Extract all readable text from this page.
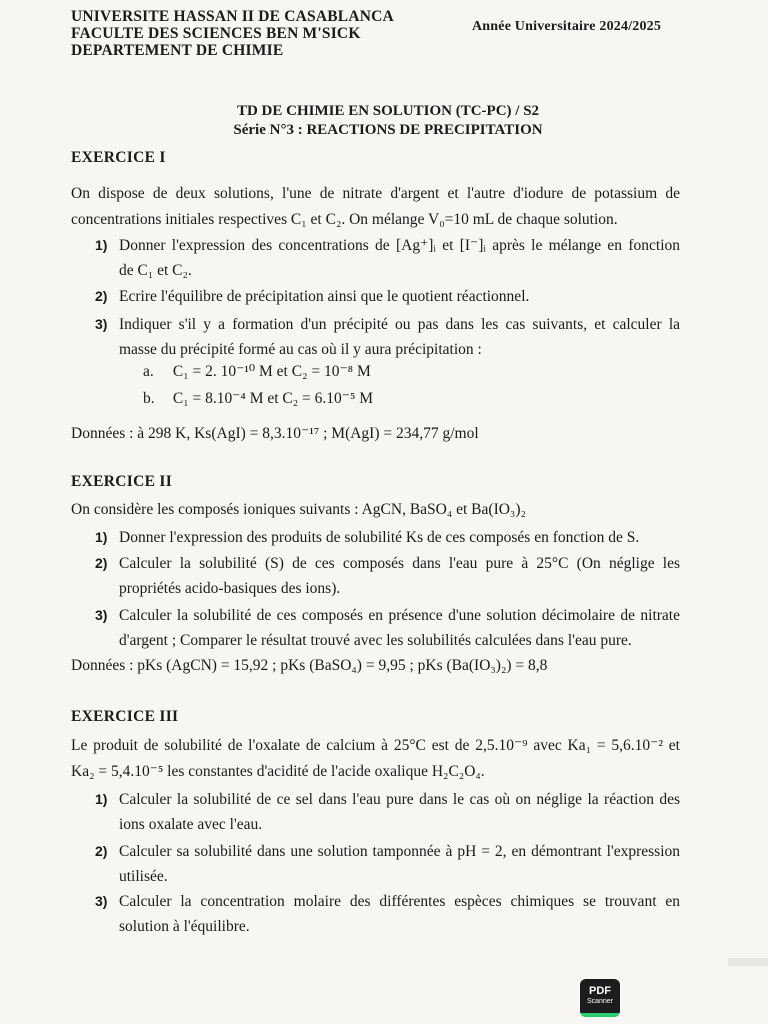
UNIVERSITE HASSAN II DE CASABLANCA
FACULTE DES SCIENCES BEN M'SICK
DEPARTEMENT DE CHIMIE
Année Universitaire 2024/2025
TD DE CHIMIE EN SOLUTION (TC-PC) / S2
Série N°3 : REACTIONS DE PRECIPITATION
EXERCICE I
On dispose de deux solutions, l'une de nitrate d'argent et l'autre d'iodure de potassium de
concentrations initiales respectives C₁ et C₂. On mélange V₀=10 mL de chaque solution.
1) Donner l'expression des concentrations de [Ag⁺]ᵢ et [I⁻]ᵢ après le mélange en fonction
de C₁ et C₂.
2) Ecrire l'équilibre de précipitation ainsi que le quotient réactionnel.
3) Indiquer s'il y a formation d'un précipité ou pas dans les cas suivants, et calculer la
masse du précipité formé au cas où il y aura précipitation :
a. C₁ = 2. 10⁻¹⁰ M et C₂ = 10⁻⁸ M
b. C₁ = 8.10⁻⁴ M et C₂ = 6.10⁻⁵ M
Données : à 298 K, Ks(AgI) = 8,3.10⁻¹⁷ ; M(AgI) = 234,77 g/mol
EXERCICE II
On considère les composés ioniques suivants : AgCN, BaSO₄ et Ba(IO₃)₂
1) Donner l'expression des produits de solubilité Ks de ces composés en fonction de S.
2) Calculer la solubilité (S) de ces composés dans l'eau pure à 25°C (On néglige les
propriétés acido-basiques des ions).
3) Calculer la solubilité de ces composés en présence d'une solution décimolaire de nitrate
d'argent ; Comparer le résultat trouvé avec les solubilités calculées dans l'eau pure.
Données : pKs (AgCN) = 15,92 ; pKs (BaSO₄) = 9,95 ; pKs (Ba(IO₃)₂) = 8,8
EXERCICE III
Le produit de solubilité de l'oxalate de calcium à 25°C est de 2,5.10⁻⁹ avec Ka₁ = 5,6.10⁻² et
Ka₂ = 5,4.10⁻⁵ les constantes d'acidité de l'acide oxalique H₂C₂O₄.
1) Calculer la solubilité de ce sel dans l'eau pure dans le cas où on néglige la réaction des
ions oxalate avec l'eau.
2) Calculer sa solubilité dans une solution tamponnée à pH = 2, en démontrant l'expression
utilisée.
3) Calculer la concentration molaire des différentes espèces chimiques se trouvant en
solution à l'équilibre.
PDF
Scanner
